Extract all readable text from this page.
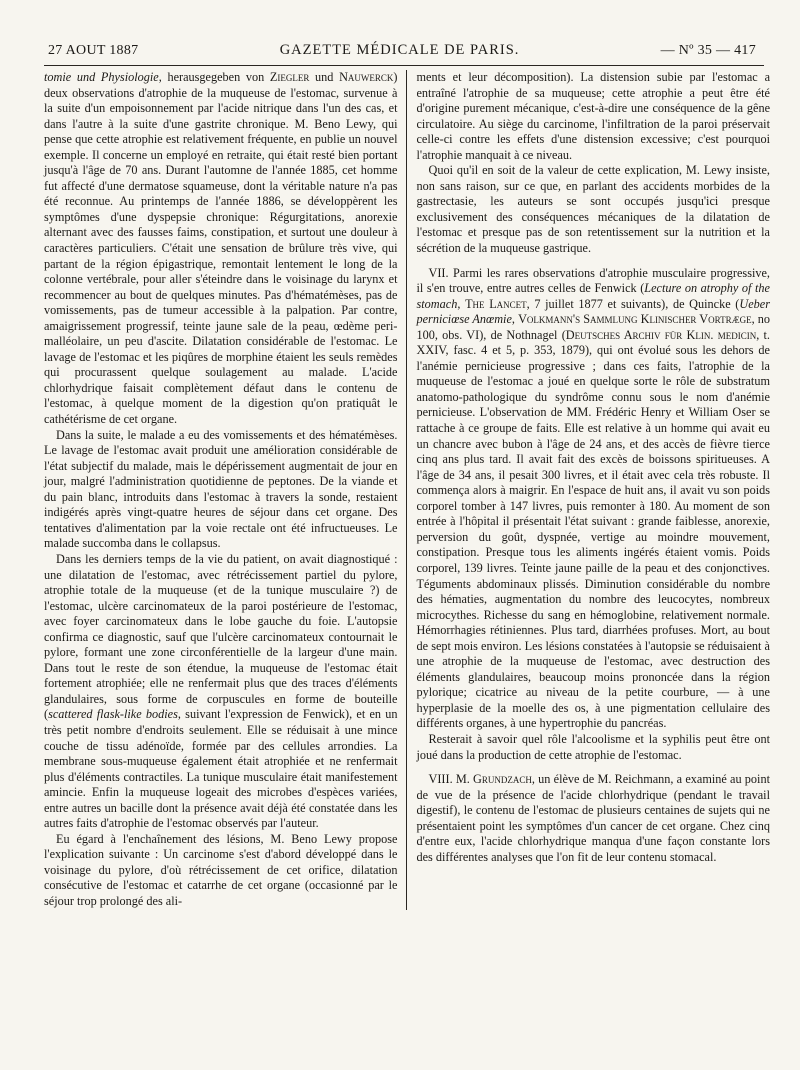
27 AOUT 1887	GAZETTE MÉDICALE DE PARIS.	— Nº 35 — 417

tomie und Physiologie, herausgegeben von Ziegler und Nauwerck) deux observations d'atrophie de la muqueuse de l'estomac, survenue à la suite d'un empoisonnement par l'acide nitrique dans l'un des cas, et dans l'autre à la suite d'une gastrite chronique. M. Beno Lewy, qui pense que cette atrophie est relativement fréquente, en publie un nouvel exemple. Il concerne un employé en retraite, qui était resté bien portant jusqu'à l'âge de 70 ans. Durant l'automne de l'année 1885, cet homme fut affecté d'une dermatose squameuse, dont la véritable nature n'a pas été reconnue. Au printemps de l'année 1886, se développèrent les symptômes d'une dyspepsie chronique: Régurgitations, anorexie alternant avec des fausses faims, constipation, et surtout une douleur à caractères particuliers. C'était une sensation de brûlure très vive, qui partant de la région épigastrique, remontait lentement le long de la colonne vertébrale, pour aller s'éteindre dans le voisinage du larynx et recommencer au bout de quelques minutes. Pas d'hématémèses, pas de vomissements, pas de tumeur accessible à la palpation. Par contre, amaigrissement progressif, teinte jaune sale de la peau, œdème peri-malléolaire, un peu d'ascite. Dilatation considérable de l'estomac. Le lavage de l'estomac et les piqûres de morphine étaient les seuls remèdes qui procurassent quelque soulagement au malade. L'acide chlorhydrique faisait complètement défaut dans le contenu de l'estomac, à quelque moment de la digestion qu'on pratiquât le cathétérisme de cet organe.

Dans la suite, le malade a eu des vomissements et des hématémèses. Le lavage de l'estomac avait produit une amélioration considérable de l'état subjectif du malade, mais le dépérissement augmentait de jour en jour, malgré l'administration quotidienne de peptones. De la viande et du pain blanc, introduits dans l'estomac à travers la sonde, restaient indigérés après vingt-quatre heures de séjour dans cet organe. Des tentatives d'alimentation par la voie rectale ont été infructueuses. Le malade succomba dans le collapsus.

Dans les derniers temps de la vie du patient, on avait diagnostiqué : une dilatation de l'estomac, avec rétrécissement partiel du pylore, atrophie totale de la muqueuse (et de la tunique musculaire ?) de l'estomac, ulcère carcinomateux de la paroi postérieure de l'estomac, avec foyer carcinomateux dans le lobe gauche du foie. L'autopsie confirma ce diagnostic, sauf que l'ulcère carcinomateux contournait le pylore, formant une zone circonférentielle de la largeur d'une main. Dans tout le reste de son étendue, la muqueuse de l'estomac était fortement atrophiée; elle ne renfermait plus que des traces d'éléments glandulaires, sous forme de corpuscules en forme de bouteille (scattered flask-like bodies, suivant l'expression de Fenwick), et en un très petit nombre d'endroits seulement. Elle se réduisait à une mince couche de tissu adénoïde, formée par des cellules arrondies. La membrane sous-muqueuse également était atrophiée et ne renfermait plus d'éléments contractiles. La tunique musculaire était manifestement amincie. Enfin la muqueuse logeait des microbes d'espèces variées, entre autres un bacille dont la présence avait déjà été constatée dans les autres faits d'atrophie de l'estomac observés par l'auteur.

Eu égard à l'enchaînement des lésions, M. Beno Lewy propose l'explication suivante : Un carcinome s'est d'abord développé dans le voisinage du pylore, d'où rétrécissement de cet orifice, dilatation consécutive de l'estomac et catarrhe de cet organe (occasionné par le séjour trop prolongé des ali-

ments et leur décomposition). La distension subie par l'estomac a entraîné l'atrophie de sa muqueuse; cette atrophie a peut être été d'origine purement mécanique, c'est-à-dire une conséquence de la gêne circulatoire. Au siège du carcinome, l'infiltration de la paroi préservait celle-ci contre les effets d'une distension excessive; c'est pourquoi l'atrophie manquait à ce niveau.

Quoi qu'il en soit de la valeur de cette explication, M. Lewy insiste, non sans raison, sur ce que, en parlant des accidents morbides de la gastrectasie, les auteurs se sont occupés jusqu'ici presque exclusivement des conséquences mécaniques de la dilatation de l'estomac et presque pas de son retentissement sur la nutrition et la sécrétion de la muqueuse gastrique.

VII. Parmi les rares observations d'atrophie musculaire progressive, il s'en trouve, entre autres celles de Fenwick (Lecture on atrophy of the stomach, The Lancet, 7 juillet 1877 et suivants), de Quincke (Ueber perniciœse Anœmie, Volkmann's Sammlung Klinischer Vortræge, no 100, obs. VI), de Nothnagel (Deutsches Archiv für Klin. medicin, t. XXIV, fasc. 4 et 5, p. 353, 1879), qui ont évolué sous les dehors de l'anémie pernicieuse progressive ; dans ces faits, l'atrophie de la muqueuse de l'estomac a joué en quelque sorte le rôle de substratum anatomo-pathologique du syndrôme connu sous le nom d'anémie pernicieuse. L'observation de MM. Frédéric Henry et William Oser se rattache à ce groupe de faits. Elle est relative à un homme qui avait eu un chancre avec bubon à l'âge de 24 ans, et des accès de fièvre tierce cinq ans plus tard. Il avait fait des excès de boissons spiritueuses. A l'âge de 34 ans, il pesait 300 livres, et il était avec cela très robuste. Il commença alors à maigrir. En l'espace de huit ans, il avait vu son poids corporel tomber à 147 livres, puis remonter à 180. Au moment de son entrée à l'hôpital il présentait l'état suivant : grande faiblesse, anorexie, perversion du goût, dyspnée, vertige au moindre mouvement, constipation. Presque tous les aliments ingérés étaient vomis. Poids corporel, 139 livres. Teinte jaune paille de la peau et des conjonctives. Téguments abdominaux plissés. Diminution considérable du nombre des hématies, augmentation du nombre des leucocytes, nombreux microcythes. Richesse du sang en hémoglobine, relativement normale. Hémorrhagies rétiniennes. Plus tard, diarrhées profuses. Mort, au bout de sept mois environ. Les lésions constatées à l'autopsie se réduisaient à une atrophie de la muqueuse de l'estomac, avec destruction des éléments glandulaires, beaucoup moins prononcée dans la région pylorique; cicatrice au niveau de la petite courbure, — à une hyperplasie de la moelle des os, à une pigmentation cellulaire des différents organes, à une hypertrophie du pancréas.

Resterait à savoir quel rôle l'alcoolisme et la syphilis peut être ont joué dans la production de cette atrophie de l'estomac.

VIII. M. Grundzach, un élève de M. Reichmann, a examiné au point de vue de la présence de l'acide chlorhydrique (pendant le travail digestif), le contenu de l'estomac de plusieurs centaines de sujets qui ne présentaient point les symptômes d'un cancer de cet organe. Chez cinq d'entre eux, l'acide chlorhydrique manqua d'une façon constante lors des différentes analyses que l'on fit de leur contenu stomacal.
